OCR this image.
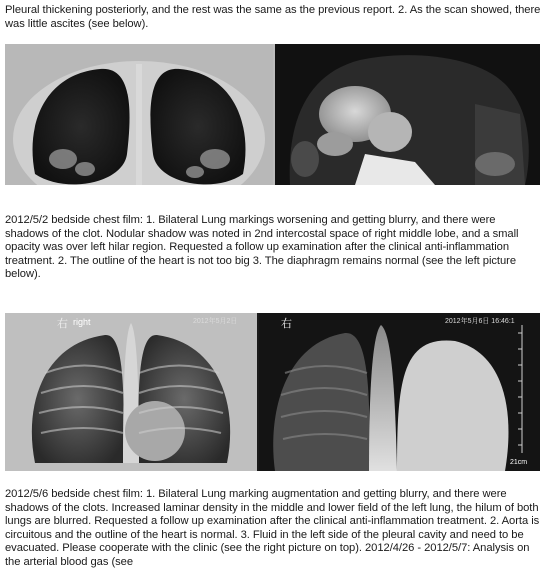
Pleural thickening posteriorly, and the rest was the same as the previous report. 2. As the scan showed, there was little ascites (see below).
2012/5/2 bedside chest film: 1. Bilateral Lung markings worsening and getting blurry, and there were shadows of the clot. Nodular shadow was noted in 2nd intercostal space of right middle lobe, and a small opacity was over left hilar region. Requested a follow up examination after the clinical anti-inflammation treatment. 2. The outline of the heart is not too big 3. The diaphragm remains normal (see the left picture below).
右 right	2012年5月2日	右	2012年5月6日 16:46:1
21cm
2012/5/6 bedside chest film: 1. Bilateral Lung marking augmentation and getting blurry, and there were shadows of the clots. Increased laminar density in the middle and lower field of the left lung, the hilum of both lungs are blurred. Requested a follow up examination after the clinical anti-inflammation treatment. 2. Aorta is circuitous and the outline of the heart is normal. 3. Fluid in the left side of the pleural cavity and need to be evacuated. Please cooperate with the clinic (see the right picture on top). 2012/4/26 - 2012/5/7: Analysis on the arterial blood gas (see
